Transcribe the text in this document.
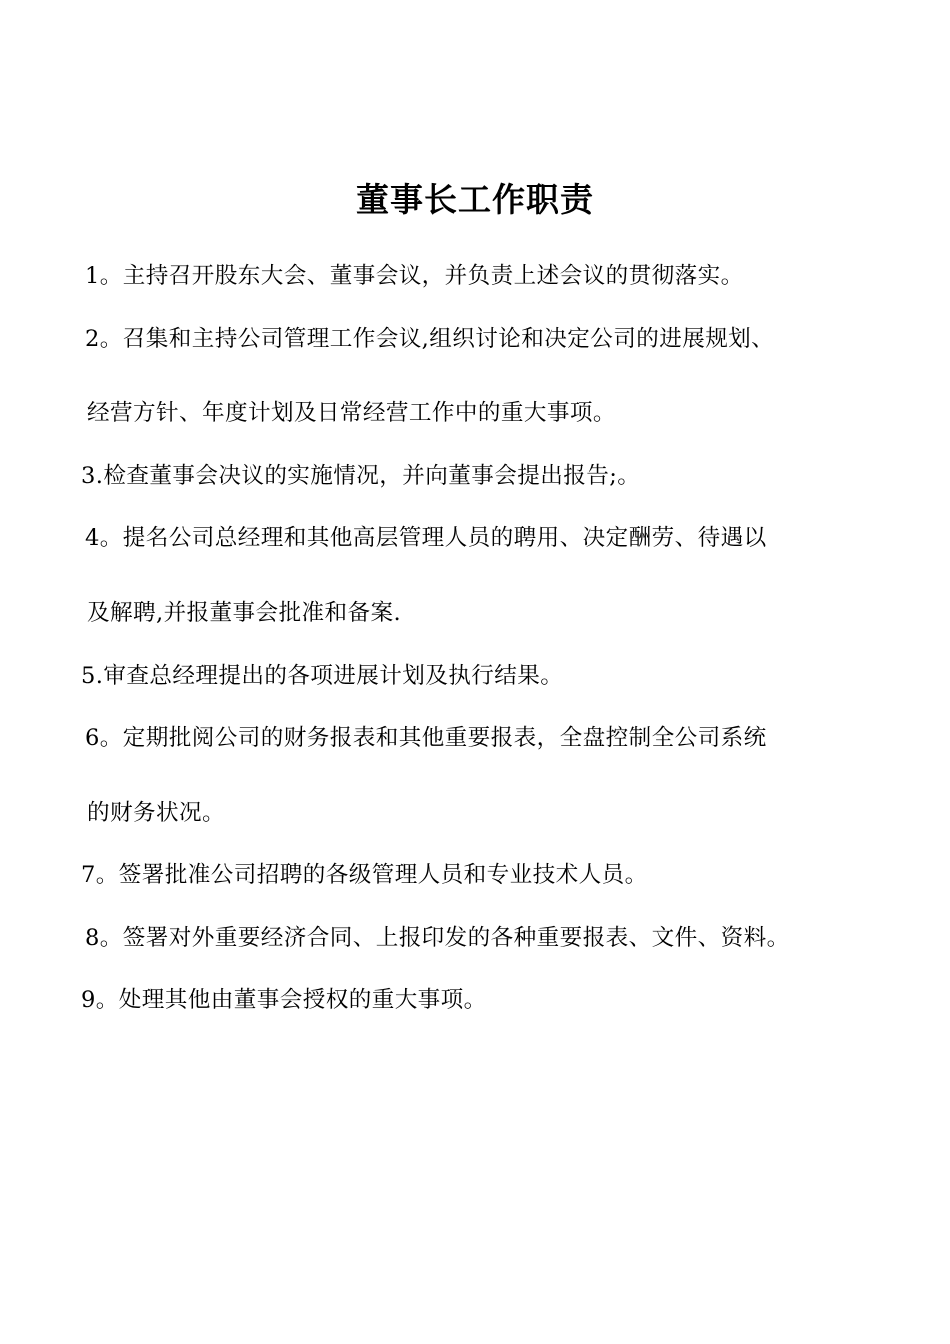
董事长工作职责
1。主持召开股东大会、董事会议，并负责上述会议的贯彻落实。
2。召集和主持公司管理工作会议,组织讨论和决定公司的进展规划、
经营方针、年度计划及日常经营工作中的重大事项。
3.检查董事会决议的实施情况，并向董事会提出报告;。
4。提名公司总经理和其他高层管理人员的聘用、决定酬劳、待遇以
及解聘,并报董事会批准和备案.
5.审查总经理提出的各项进展计划及执行结果。
6。定期批阅公司的财务报表和其他重要报表，全盘控制全公司系统
的财务状况。
7。签署批准公司招聘的各级管理人员和专业技术人员。
8。签署对外重要经济合同、上报印发的各种重要报表、文件、资料。
9。处理其他由董事会授权的重大事项。
